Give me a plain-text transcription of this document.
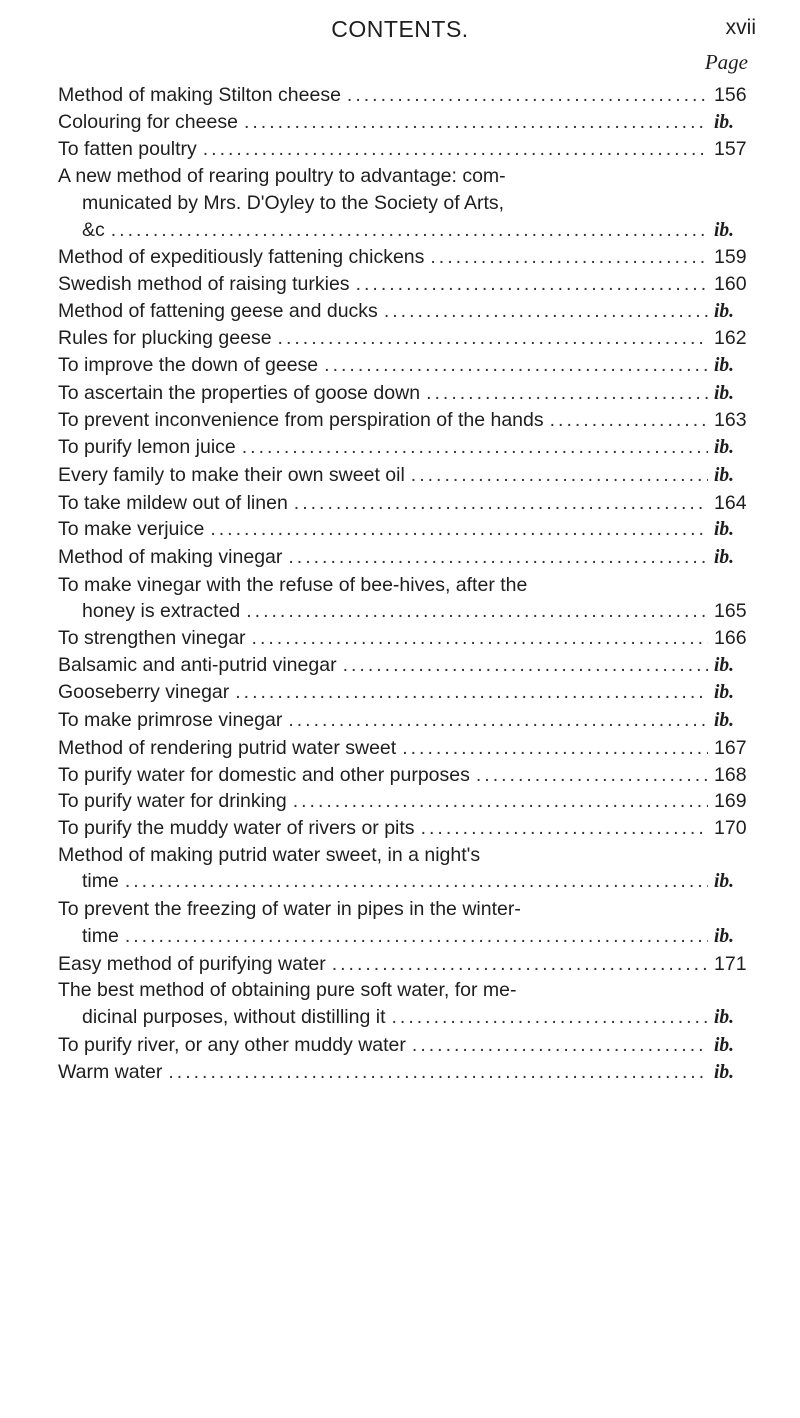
CONTENTS.	xvii
Page
Method of making Stilton cheese .....	156
Colouring for cheese .....	ib.
To fatten poultry .....	157
A new method of rearing poultry to advantage: com-
municated by Mrs. D'Oyley to the Society of Arts,
&c .....	ib.
Method of expeditiously fattening chickens .....	159
Swedish method of raising turkies .....	160
Method of fattening geese and ducks .....	ib.
Rules for plucking geese .....	162
To improve the down of geese .....	ib.
To ascertain the properties of goose down .....	ib.
To prevent inconvenience from perspiration of the hands .....	163
To purify lemon juice .....	ib.
Every family to make their own sweet oil .....	ib.
To take mildew out of linen .....	164
To make verjuice .....	ib.
Method of making vinegar .....	ib.
To make vinegar with the refuse of bee-hives, after the
honey is extracted .....	165
To strengthen vinegar .....	166
Balsamic and anti-putrid vinegar .....	ib.
Gooseberry vinegar .....	ib.
To make primrose vinegar .....	ib.
Method of rendering putrid water sweet .....	167
To purify water for domestic and other purposes .....	168
To purify water for drinking .....	169
To purify the muddy water of rivers or pits .....	170
Method of making putrid water sweet, in a night's
time .....	ib.
To prevent the freezing of water in pipes in the winter-
time .....	ib.
Easy method of purifying water .....	171
The best method of obtaining pure soft water, for me-
dicinal purposes, without distilling it .....	ib.
To purify river, or any other muddy water .....	ib.
Warm water .....	ib.
